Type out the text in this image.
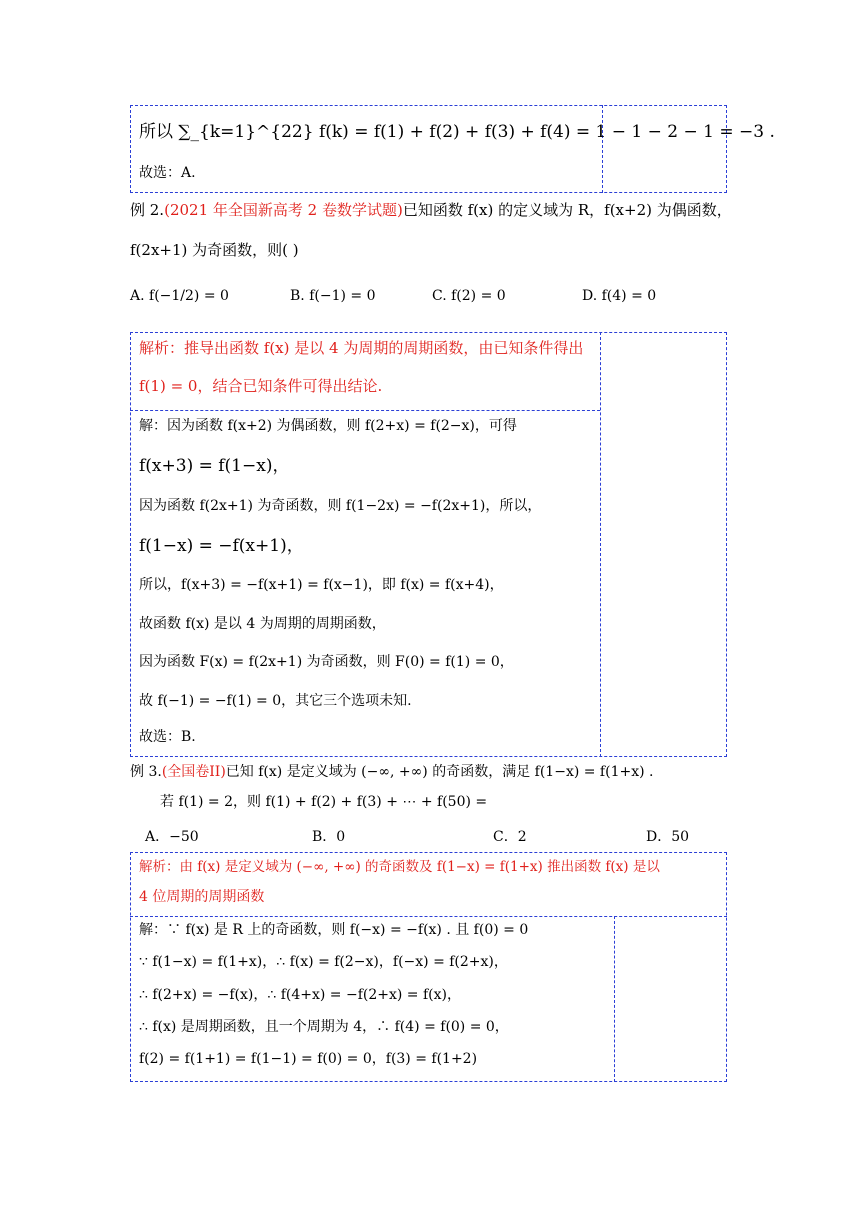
所以 ∑_{k=1}^{22} f(k) = f(1) + f(2) + f(3) + f(4) = 1 − 1 − 2 − 1 = −3 .
故选：A.
例 2.(2021 年全国新高考 2 卷数学试题)已知函数 f(x) 的定义域为 R，f(x+2) 为偶函数，
f(2x+1) 为奇函数，则( )
A. f(−1/2) = 0	B. f(−1) = 0	C. f(2) = 0	D. f(4) = 0
解析：推导出函数 f(x) 是以 4 为周期的周期函数，由已知条件得出
f(1) = 0，结合已知条件可得出结论.
解：因为函数 f(x+2) 为偶函数，则 f(2+x) = f(2−x)，可得
f(x+3) = f(1−x)，
因为函数 f(2x+1) 为奇函数，则 f(1−2x) = −f(2x+1)，所以，
f(1−x) = −f(x+1)，
所以，f(x+3) = −f(x+1) = f(x−1)，即 f(x) = f(x+4)，
故函数 f(x) 是以 4 为周期的周期函数，
因为函数 F(x) = f(2x+1) 为奇函数，则 F(0) = f(1) = 0，
故 f(−1) = −f(1) = 0，其它三个选项未知.
故选：B.
例 3.(全国卷II)已知 f(x) 是定义域为 (−∞, +∞) 的奇函数，满足 f(1−x) = f(1+x) .
若 f(1) = 2，则 f(1) + f(2) + f(3) + ⋯ + f(50) =
A．−50	B．0	C．2	D．50
解析：由 f(x) 是定义域为 (−∞, +∞) 的奇函数及 f(1−x) = f(1+x) 推出函数 f(x) 是以
4 位周期的周期函数
解：∵ f(x) 是 R 上的奇函数，则 f(−x) = −f(x) . 且 f(0) = 0
∵ f(1−x) = f(1+x)，∴ f(x) = f(2−x)，f(−x) = f(2+x)，
∴ f(2+x) = −f(x)，∴ f(4+x) = −f(2+x) = f(x)，
∴ f(x) 是周期函数，且一个周期为 4，∴ f(4) = f(0) = 0，
f(2) = f(1+1) = f(1−1) = f(0) = 0，f(3) = f(1+2)
